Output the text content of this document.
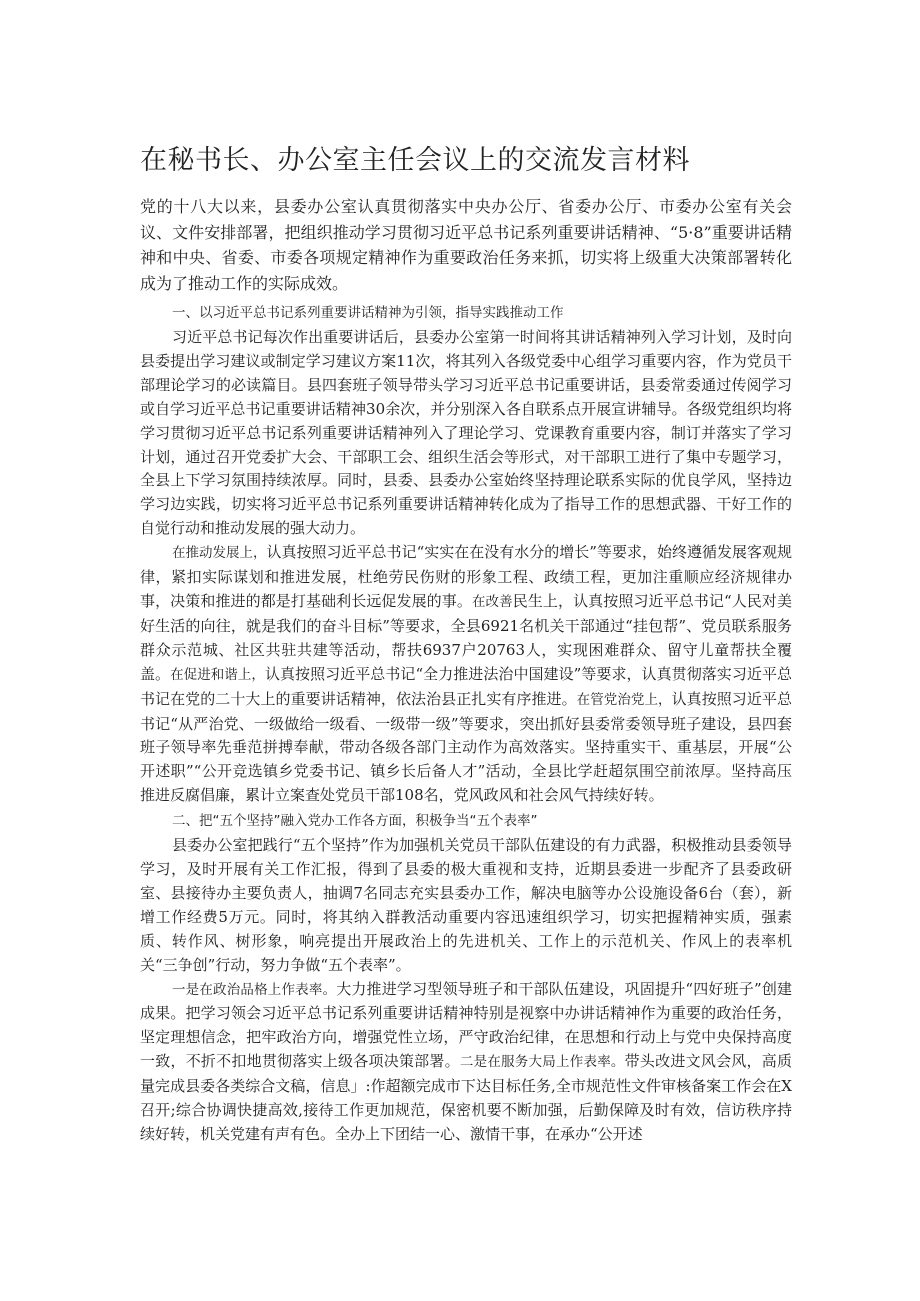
在秘书长、办公室主任会议上的交流发言材料

党的十八大以来，县委办公室认真贯彻落实中央办公厅、省委办公厅、市委办公室有关会议、文件安排部署，把组织推动学习贯彻习近平总书记系列重要讲话精神、“5·8”重要讲话精神和中央、省委、市委各项规定精神作为重要政治任务来抓，切实将上级重大决策部署转化成为了推动工作的实际成效。

一、以习近平总书记系列重要讲话精神为引领，指导实践推动工作

习近平总书记每次作出重要讲话后，县委办公室第一时间将其讲话精神列入学习计划，及时向县委提出学习建议或制定学习建议方案11次，将其列入各级党委中心组学习重要内容，作为党员干部理论学习的必读篇目。县四套班子领导带头学习习近平总书记重要讲话，县委常委通过传阅学习或自学习近平总书记重要讲话精神30余次，并分别深入各自联系点开展宣讲辅导。各级党组织均将学习贯彻习近平总书记系列重要讲话精神列入了理论学习、党课教育重要内容，制订并落实了学习计划，通过召开党委扩大会、干部职工会、组织生活会等形式，对干部职工进行了集中专题学习，全县上下学习氛围持续浓厚。同时，县委、县委办公室始终坚持理论联系实际的优良学风，坚持边学习边实践，切实将习近平总书记系列重要讲话精神转化成为了指导工作的思想武器、干好工作的自觉行动和推动发展的强大动力。

在推动发展上，认真按照习近平总书记“实实在在没有水分的增长”等要求，始终遵循发展客观规律，紧扣实际谋划和推进发展，杜绝劳民伤财的形象工程、政绩工程，更加注重顺应经济规律办事，决策和推进的都是打基础利长远促发展的事。在改善民生上，认真按照习近平总书记“人民对美好生活的向往，就是我们的奋斗目标”等要求，全县6921名机关干部通过“挂包帮”、党员联系服务群众示范城、社区共驻共建等活动，帮扶6937户20763人，实现困难群众、留守儿童帮扶全覆盖。在促进和谐上，认真按照习近平总书记“全力推进法治中国建设”等要求，认真贯彻落实习近平总书记在党的二十大上的重要讲话精神，依法治县正扎实有序推进。在管党治党上，认真按照习近平总书记“从严治党、一级做给一级看、一级带一级”等要求，突出抓好县委常委领导班子建设，县四套班子领导率先垂范拼搏奉献，带动各级各部门主动作为高效落实。坚持重实干、重基层，开展“公开述职”“公开竞选镇乡党委书记、镇乡长后备人才”活动，全县比学赶超氛围空前浓厚。坚持高压推进反腐倡廉，累计立案查处党员干部108名，党风政风和社会风气持续好转。

二、把“五个坚持”融入党办工作各方面，积极争当“五个表率”

县委办公室把践行“五个坚持”作为加强机关党员干部队伍建设的有力武器，积极推动县委领导学习，及时开展有关工作汇报，得到了县委的极大重视和支持，近期县委进一步配齐了县委政研室、县接待办主要负责人，抽调7名同志充实县委办工作，解决电脑等办公设施设备6台（套），新增工作经费5万元。同时，将其纳入群教活动重要内容迅速组织学习，切实把握精神实质，强素质、转作风、树形象，响亮提出开展政治上的先进机关、工作上的示范机关、作风上的表率机关“三争创”行动，努力争做“五个表率”。

一是在政治品格上作表率。大力推进学习型领导班子和干部队伍建设，巩固提升“四好班子”创建成果。把学习领会习近平总书记系列重要讲话精神特别是视察中办讲话精神作为重要的政治任务，坚定理想信念，把牢政治方向，增强党性立场，严守政治纪律，在思想和行动上与党中央保持高度一致，不折不扣地贯彻落实上级各项决策部署。二是在服务大局上作表率。带头改进文风会风，高质量完成县委各类综合文稿，信息」:作超额完成市下达目标任务,全市规范性文件审核备案工作会在X召开;综合协调快捷高效,接待工作更加规范，保密机要不断加强，后勤保障及时有效，信访秩序持续好转，机关党建有声有色。全办上下团结一心、激情干事，在承办“公开述
